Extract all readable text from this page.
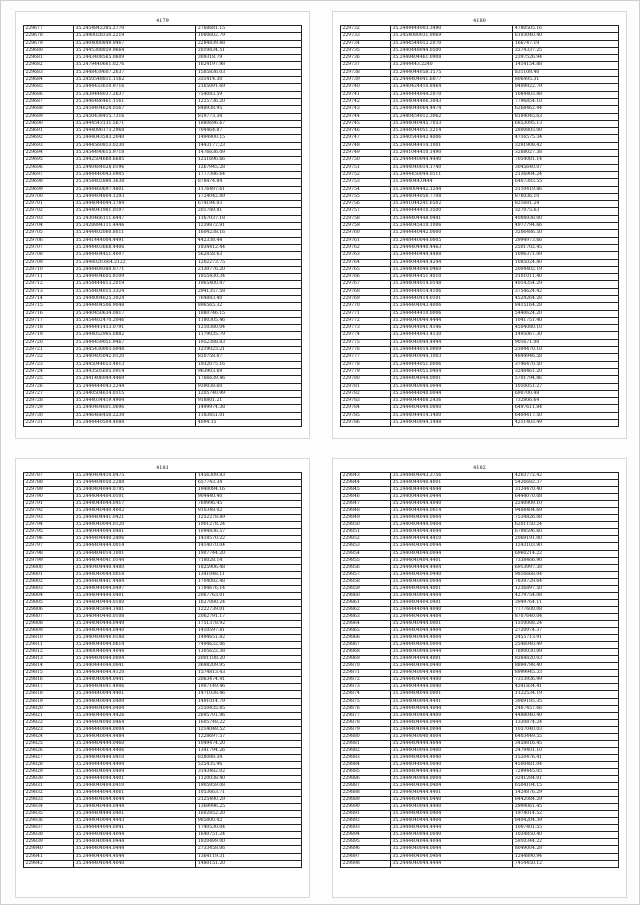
4179
229677	35.2454842385.2770	2768681.15
229678	35.2440028330.2219	1000602.79
229679	35.2404080849.9467	2284839.88
229680	35.2445388859.9664	2019834.51
229681	35.2443408565.0609	309318.79
229682	35.2479440661.0276	1624197.98
229683	35.2448439607.2637	1585836.03
229684	35.2450548811.1162	331414.30
229685	35.2444433610.9716	2165091.69
229686	35.2439448037.2637	754083.59
229687	35.2446486461.1161	1225736.20
229688	35.2454404628.0567	848938.95
229689	35.2450438415.7316	819773.34
229690	35.2444543131.5671	1880696.67
229691	35.2444086173.2968	704464.87
229692	35.2444043583.2040	1494900.15
229693	35.2444560813.0230	1443177.23
229694	35.2454490615.9718	1476636.09
229695	35.2442504660.6685	1251696.66
229696	35.2440484028.0196	1267945.28
229697	35.2444440043.0905	1777396.64
229698	35.2454402880.3638	878474.84
229699	35.2444460697.4801	1176497.61
229700	35.2444404804.1293	1724042.89
229701	35.2444044044.1784	674194.03
229702	35.2444041981.0197	201789.81
229703	35.2430466111.6447	1167037.18
229704	35.2428894111.4446	1239872.91
229705	35.2444402060.8011	1604238.16
229706	35.2441444004.4491	442338.44
229707	35.2444403668.4406	1834412.44
229708	35.2444404451.4007	562858.63
229709	35.2448020.664.2122	1202273.75
229710	35.2444409380.0771	2130776.20
229711	35.2444404605.8109	1855430.34
229712	35.2454444813.2019	1965400.47
229713	35.2454404015.3324	2941357.58
229714	35.2444004625.3024	764883.40
229715	35.2444404506.9048	896565.32
229716	35.2440450634.0817	1880746.15
229717	35.2454402470.2046	1180305.46
229718	35.2444441413.0791	1210380.04
229719	35.2444052985.0882	1179035.79
229720	35.2444459051.9467	1952388.83
229721	35.2445430003.0048	1219023.21
229722	35.2440405042.0120	820758.87
229723	35.2445044653.4813	1932075.16
229724	35.2443505605.0914	963903.69
229725	35.2441406044.4469	1766639.46
229726	35.2444444043.2244	939038.60
229727	35.2440504614.0115	1205740.99
229728	35.2444034419.4904	918801.21
229729	35.2440404601.0696	1499974.38
229730	35.2446466450.2239	1183851.01
229731	35.2444440504.4088	4094.15
4180
229732	35.2444444003.3490	4780505.16
229733	35.2454080031.9069	6103040.40
229734	35.2444544012.2070	166747.19
229735	35.2440448044.0500	2274337.25
229736	35.2448404461.0908	2397526.94
229737	35.2444443.2240	1414154.88
229738	35.2444044058.1575	831108.40
229739	35.2444404041.6077	806495.31
229740	35.2440424410.8464	8409922.79
229741	35.2444444044.2070	1084403.88
229742	35.2444044406.3043	7796854.10
229743	35.2444044064.4474	6268462.44
229744	35.2440454012.3062	8184045.63
229745	35.2444040445.7033	6853095.13
229746	35.2444044051.2214	2800805.00
229747	35.2440544843.4006	4716575.34
229748	35.2444044414.1001	3291908.42
229749	35.2441044410.1490	3268027.38
229750	35.2444440044.4440	7054081.14
229751	35.2444040014.1740	3045640.07
229752	35.2444450044.0111	2136904.24
229753	35.2444044.0444	6407383.55
229754	35.2444004442.1244	3110419.86
229755	35.2444044050.7708	876036.10
229756	35.2441044241.6502	821681.24
229757	35.2444444410.3500	327075.63
229758	35.2444404448.0441	4008938.00
229759	35.2444045410.1006	4977794.66
229760	35.2444440442.0000	3206486.50
229761	35.2448440044.0005	2994973.66
229762	35.2444404440.4463	2501702.45
229763	35.2444440444.4488	1096371.09
229764	35.2444044044.4244	1085024.80
229765	35.2444044044.0460	2004402.19
229766	35.2444044451.4010	3101011.40
229767	35.2444044014.0148	4014354.29
229768	35.2444444014.4106	3754624.42
229769	35.2444440414.0101	4524264.28
229770	35.2444404043.4006	8415164.28
229771	35.2444444410.0006	5440624.20
229772	35.2444040044.4444	1041751.40
229773	35.2444044041.4146	4504080.10
229774	35.2444444043.4130	1495067.30
229775	35.2444040044.4444	901671.00
229776	35.2444444014.0009	2304470.10
229777	35.2444040044.1003	4844946.58
229778	35.2444444051.0006	3746470.50
229779	35.2444444055.0404	3248461.20
229780	35.2444404044.0001	5701794.86
229781	35.2444040044.0044	1010051.27
229782	35.2444444040.0044	690700.48
229783	35.2444044408.2436	732806.64
229784	35.2444404044.0000	6497611.84
229785	35.2444044414.1400	6404417.50
229786	35.2444040044.1448	4211403.49
4181
229787	35.2440404410.0475	1456309.83
229788	35.2444404050.2288	657743.34
229789	35.2440404044.0795	1940084.16
229790	35.2444044404.0101	904440.40
229791	35.2444044044.0417	769996.45
229792	35.2444040440.4002	910348.02
229793	35.2444404441.0421	1252278.89
229794	35.2444040044.0120	1901278.24
229795	35.2440444044.0481	1094836.57
229796	35.2444404440.2406	1418570.22
229797	35.2444404444.0014	1414070.04
229798	35.2444404014.1001	1907744.20
229799	35.2444044041.0144	718028.14
229800	35.2440404440.4480	1825906.48
229801	35.2444040044.0018	1341048.11
229802	35.2444404441.4484	1704082.48
229803	35.2444044044.0497	1784676.14
229804	35.2444044444.0401	2067763.01
229805	35.2444040444.0180	1627080.24
229806	35.2444045044.1481	1222739.01
229807	35.2440440440.0108	2062791.17
229808	35.2444040444.0449	1751378.92
229809	35.2444044044.0440	1410597.81
229810	35.2440404040.0188	1494651.82
229811	35.2444044044.0614	7494632.06
229812	35.2440044044.4044	1305622.38
229813	35.2444404044.0004	2001108.20
229814	35.2440444044.0041	3698209.95
229815	35.2444044044.4120	1574813.43
229816	35.2444040044.0441	2063474.41
229817	35.2444404041.4906	1907149.46
229818	35.2444440044.4401	1471038.46
229819	35.2444040044.0409	1491014.79
229820	35.2444404044.0404	2550435.85
229821	35.2444044044.4426	2695701.96
229822	35.2444404040.0464	1605748.22
229823	35.2444440044.0004	1214048.52
229824	35.2444040044.4484	1228697.57
229825	35.2444404444.0460	1049474.20
229826	35.2444440044.4406	1341794.26
229827	35.2444040444.0410	828088.34
229828	35.2444444044.4494	525435.96
229829	35.2444404044.0409	3143482.02
229830	35.2444444044.4401	1120038.40
229831	35.2444040404.0410	1905959.08
229832	35.2444444044.4061	1053663.71
229833	35.2444404044.4044	2125490.29
229834	35.2444040444.0444	1369996.25
229835	35.2444404444.0401	1602852.20
229836	35.2444040044.4443	985800.02
229837	35.2444444044.0041	1740530.04
229838	35.2444404044.4044	1640751.24
229839	35.2444040044.0444	1820489.00
229840	35.2444404044.0444	2733458.06
229841	35.2444044044.4044	1364119.31
229842	35.2444404044.4040	1480151.20
4182
229843	35.2444404043.3756	4203772.42
229844	35.2444044040.4001	5426682.37
229845	35.2444044404.4044	3124470.40
229846	35.2440044044.0444	6444070.08
229847	35.2444044044.4040	2240909.10
229848	35.2444044044.0014	9408404.69
229849	35.2444404044.0004	7534826.08
229850	35.2440404444.0404	6201150.24
229851	35.2444044044.4044	6798596.60
229852	35.2444044044.4410	2069191.00
229853	35.2444404044.0044	1243103.90
229854	35.2440404044.0044	6960214.22
229855	35.2444040404.4401	7338466.90
229856	35.2444044404.4404	6913997.38
229857	35.2444404044.0440	9816668.04
229858	35.2444040044.0044	7839729.64
229859	35.2444404044.4001	1236897.50
229860	35.2444040044.4404	4279754.08
229861	35.2444404404.0401	3949764.11
229862	35.2444444044.4040	7777600.08
229863	35.2444404044.4404	8707640.04
229864	35.2444040444.0001	1310088.24
229865	35.2444404044.4404	2720974.37
229866	35.2444040444.4004	2455713.91
229867	35.2444404044.0004	2546040.49
229868	35.2444040044.0444	7800030.09
229869	35.2444044044.4001	8384820.03
229870	35.2444404044.0440	8894798.40
229871	35.2444040044.4044	8999945.33
229872	35.2444404044.4400	7313936.99
229873	35.2444044444.0040	4341834.41
229874	35.2444404044.0001	1122534.19
229875	35.2444040044.4441	3969185.35
229876	35.2444404044.4044	2467457.66
229877	35.2444040404.4400	4488040.40
229878	35.2444404044.0444	1330874.24
229879	35.2444404044.0044	1037040.03
229880	35.2444040040.4004	6403449.55
229881	35.2444404444.4044	3458816.45
229882	35.2444040044.0400	2479401.10
229883	35.2444404044.4040	1520476.41
229884	35.2444044044.0040	4500481.04
229885	35.2444404444.4443	7299445.05
229886	35.2444040044.0004	3241284.01
229887	35.2444404044.0404	6504104.15
229888	35.2444040444.4401	1424876.29
229889	35.2444404044.0440	8442084.29
229890	35.2444040044.4440	2999061.45
229891	35.2444404044.0404	1974014.52
229892	35.2444040444.4404	8404204.39
229893	35.2444404044.4444	1007401.55
229894	35.2444040044.0040	1034850.40
229895	35.2444404044.4044	5910344.22
229896	35.2444040044.0044	8049004.28
229897	35.2444404044.0404	1244890.94
229898	35.2444040044.4444	7414450.12
